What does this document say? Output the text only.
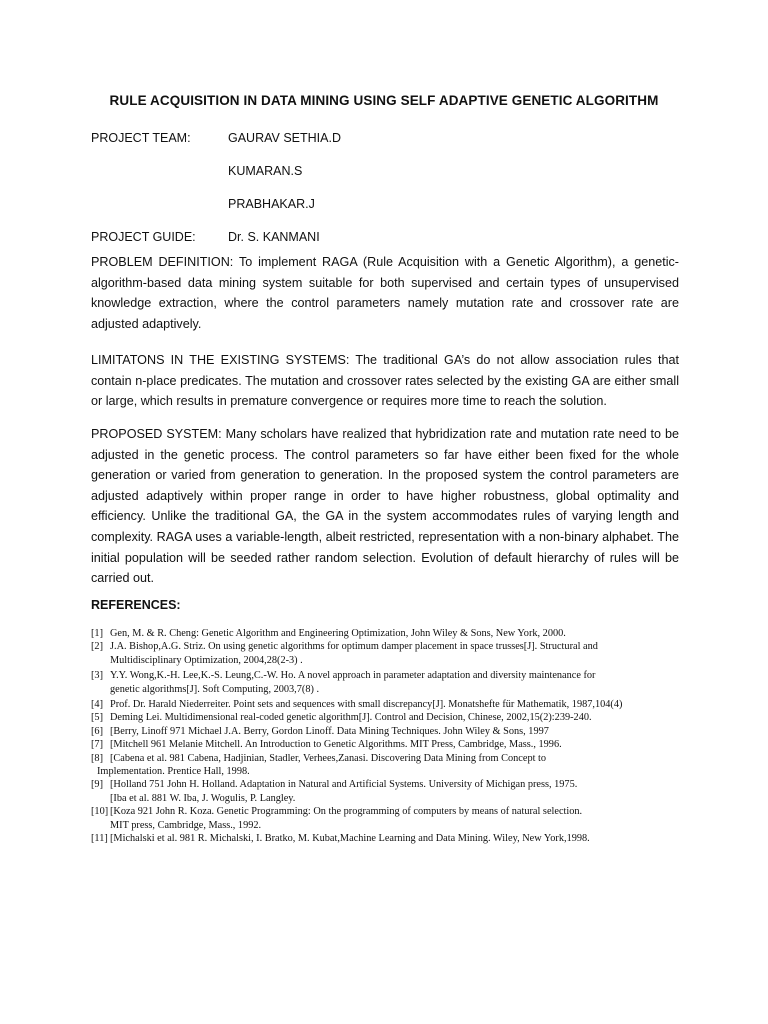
RULE ACQUISITION IN DATA MINING USING SELF ADAPTIVE GENETIC ALGORITHM
PROJECT TEAM:	GAURAV SETHIA.D
KUMARAN.S
PRABHAKAR.J
PROJECT GUIDE:	Dr. S. KANMANI

PROBLEM DEFINITION: To implement RAGA (Rule Acquisition with a Genetic Algorithm), a genetic-algorithm-based data mining system suitable for both supervised and certain types of unsupervised knowledge extraction, where the control parameters namely mutation rate and crossover rate are adjusted adaptively.

LIMITATONS IN THE EXISTING SYSTEMS: The traditional GA’s do not allow association rules that contain n-place predicates. The mutation and crossover rates selected by the existing GA are either small or large, which results in premature convergence or requires more time to reach the solution.

PROPOSED SYSTEM: Many scholars have realized that hybridization rate and mutation rate need to be adjusted in the genetic process. The control parameters so far have either been fixed for the whole generation or varied from generation to generation. In the proposed system the control parameters are adjusted adaptively within proper range in order to have higher robustness, global optimality and efficiency. Unlike the traditional GA, the GA in the system accommodates rules of varying length and complexity. RAGA uses a variable-length, albeit restricted, representation with a non-binary alphabet. The initial population will be seeded rather random selection. Evolution of default hierarchy of rules will be carried out.

REFERENCES:
[1] Gen, M. & R. Cheng: Genetic Algorithm and Engineering Optimization, John Wiley & Sons, New York, 2000.
[2] J.A. Bishop,A.G. Striz. On using genetic algorithms for optimum damper placement in space trusses[J]. Structural and
Multidisciplinary Optimization, 2004,28(2-3) .
[3] Y.Y. Wong,K.-H. Lee,K.-S. Leung,C.-W. Ho. A novel approach in parameter adaptation and diversity maintenance for
genetic algorithms[J]. Soft Computing, 2003,7(8) .
[4] Prof. Dr. Harald Niederreiter. Point sets and sequences with small discrepancy[J]. Monatshefte für Mathematik, 1987,104(4)
[5] Deming Lei. Multidimensional real-coded genetic algorithm[J]. Control and Decision, Chinese, 2002,15(2):239-240.
[6] [Berry, Linoff 971 Michael J.A. Berry, Gordon Linoff. Data Mining Techniques. John Wiley & Sons, 1997
[7] [Mitchell 961 Melanie Mitchell. An Introduction to Genetic Algorithms. MIT Press, Cambridge, Mass., 1996.
[8] [Cabena et al. 981 Cabena, Hadjinian, Stadler, Verhees,Zanasi. Discovering Data Mining from Concept to
Implementation. Prentice Hall, 1998.
[9] [Holland 751 John H. Holland. Adaptation in Natural and Artificial Systems. University of Michigan press, 1975.
[Iba et al. 881 W. Iba, J. Wogulis, P. Langley.
[10] [Koza 921 John R. Koza. Genetic Programming: On the programming of computers by means of natural selection.
MIT press, Cambridge, Mass., 1992.
[11] [Michalski et al. 981 R. Michalski, I. Bratko, M. Kubat,Machine Learning and Data Mining. Wiley, New York,1998.
